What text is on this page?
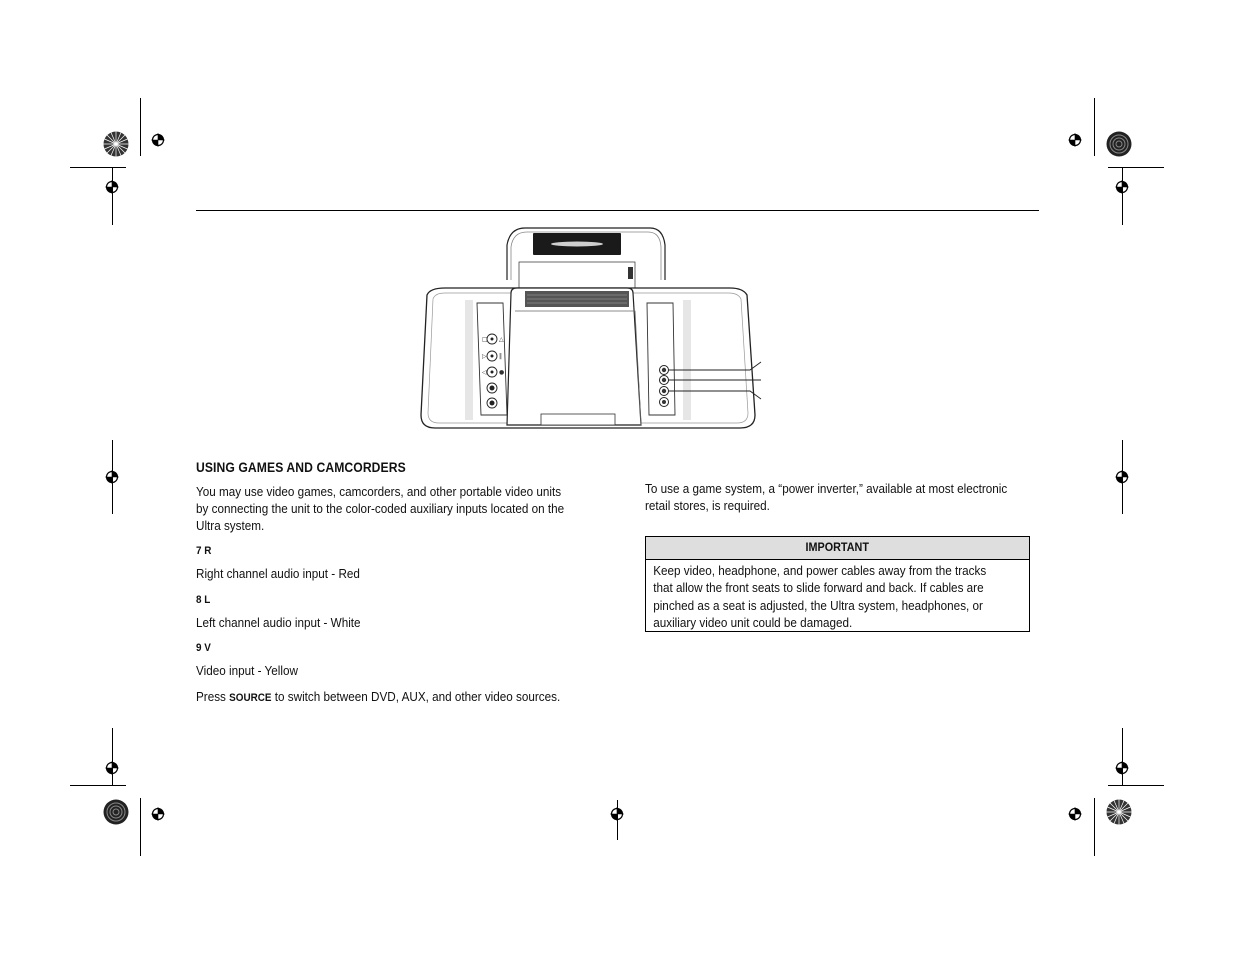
□
▷
◁
△
‖
●
USING GAMES AND CAMCORDERS
You may use video games, camcorders, and other portable video units
by connecting the unit to the color-coded auxiliary inputs located on the
Ultra system.
7 R
Right channel audio input - Red
8 L
Left channel audio input - White
9 V
Video input - Yellow
Press SOURCE to switch between DVD, AUX, and other video sources.
To use a game system, a “power inverter,” available at most electronic
retail stores, is required.
IMPORTANT
Keep video, headphone, and power cables away from the tracks
that allow the front seats to slide forward and back. If cables are
pinched as a seat is adjusted, the Ultra system, headphones, or
auxiliary video unit could be damaged.
